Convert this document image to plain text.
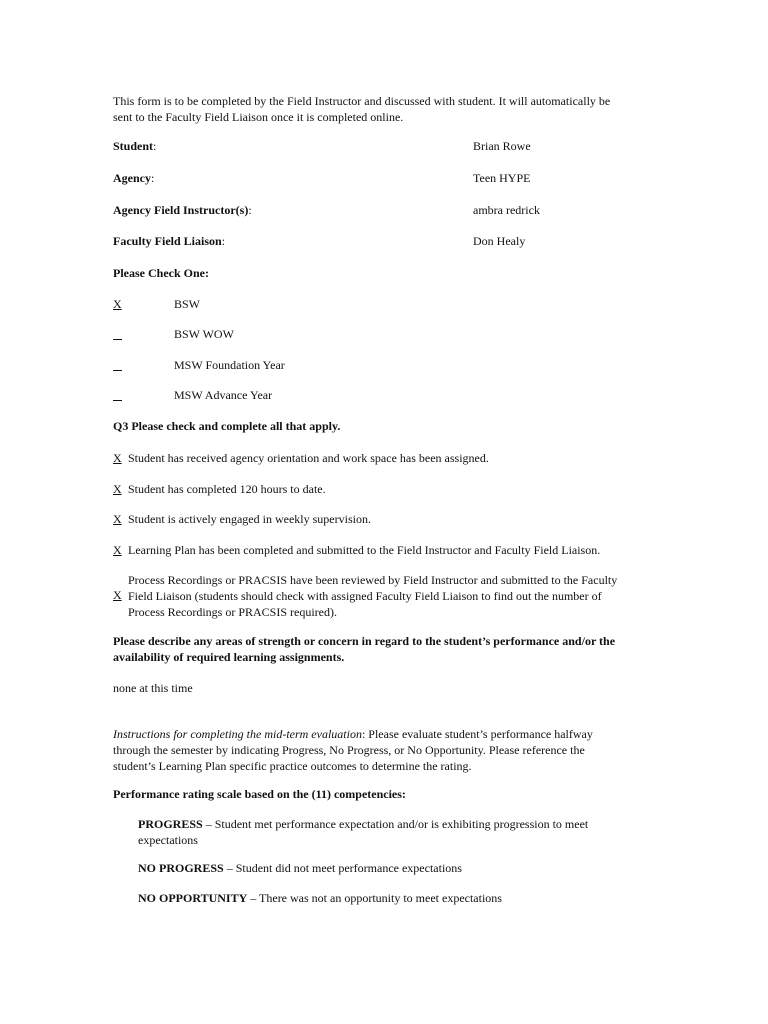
This form is to be completed by the Field Instructor and discussed with student. It will automatically be
sent to the Faculty Field Liaison once it is completed online.
Student:	Brian Rowe
Agency:	Teen HYPE
Agency Field Instructor(s):	ambra redrick
Faculty Field Liaison:	Don Healy
Please Check One:
X	BSW
BSW WOW
MSW Foundation Year
MSW Advance Year
Q3 Please check and complete all that apply.
X Student has received agency orientation and work space has been assigned.
X Student has completed 120 hours to date.
X Student is actively engaged in weekly supervision.
X Learning Plan has been completed and submitted to the Field Instructor and Faculty Field Liaison.
X
Process Recordings or PRACSIS have been reviewed by Field Instructor and submitted to the Faculty
Field Liaison (students should check with assigned Faculty Field Liaison to find out the number of
Process Recordings or PRACSIS required).
Please describe any areas of strength or concern in regard to the student’s performance and/or the
availability of required learning assignments.
none at this time
Instructions for completing the mid-term evaluation: Please evaluate student’s performance halfway
through the semester by indicating Progress, No Progress, or No Opportunity. Please reference the
student’s Learning Plan specific practice outcomes to determine the rating.
Performance rating scale based on the (11) competencies:
PROGRESS – Student met performance expectation and/or is exhibiting progression to meet
expectations
NO PROGRESS – Student did not meet performance expectations
NO OPPORTUNITY – There was not an opportunity to meet expectations
